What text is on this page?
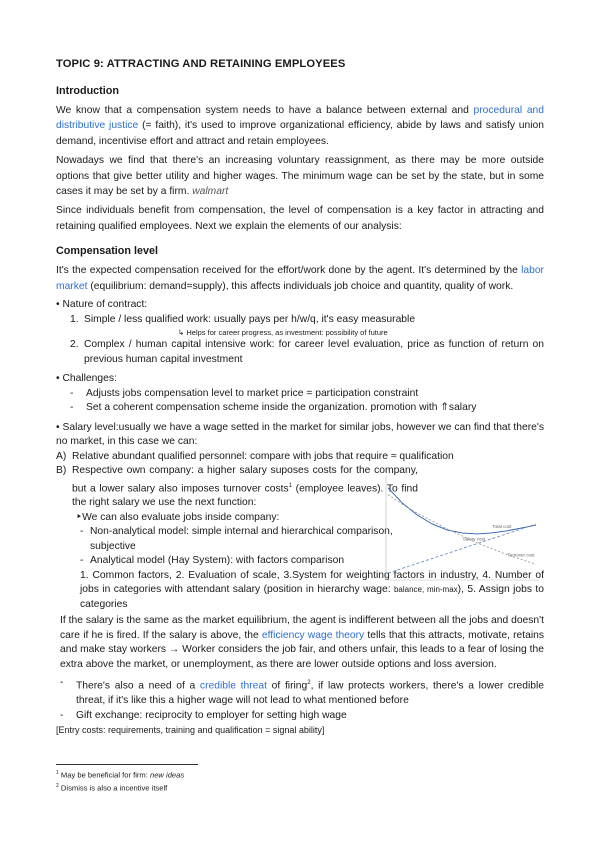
TOPIC 9: ATTRACTING AND RETAINING EMPLOYEES
Introduction

We know that a compensation system needs to have a balance between external and procedural and distributive justice (= faith), it's used to improve organizational efficiency, abide by laws and satisfy union demand, incentivise effort and attract and retain employees.

Nowadays we find that there's an increasing voluntary reassignment, as there may be more outside options that give better utility and higher wages. The minimum wage can be set by the state, but in some cases it may be set by a firm. walmart

Since individuals benefit from compensation, the level of compensation is a key factor in attracting and retaining qualified employees. Next we explain the elements of our analysis:

Compensation level

It's the expected compensation received for the effort/work done by the agent. It's determined by the labor market (equilibrium: demand=supply), this affects individuals job choice and quantity, quality of work.

• Nature of contract:
1. Simple / less qualified work: usually pays per h/w/q, it's easy measurable
↳ Helps for career progress, as investment: possibility of future
2. Complex / human capital intensive work: for career level evaluation, price as function of return on previous human capital investment
• Challenges:
-	Adjusts jobs compensation level to market price = participation constraint
-	Set a coherent compensation scheme inside the organization. promotion with ⇑salary

• Salary level:usually we have a wage setted in the market for similar jobs, however we can find that there's no market, in this case we can:

A) Relative abundant qualified personnel: compare with jobs that require ≈ qualification
B) Respective own company: a higher salary suposes costs for the company, but a lower salary also imposes turnover costs$^1$ (employee leaves). To find the right salary we use the next function:
‣We can also evaluate jobs inside company:
- Non-analytical model: simple internal and hierarchical comparison, subjective
- Analytical model (Hay System): with factors comparison

1. Common factors, 2. Evaluation of scale, 3.System for weighting factors in industry, 4. Number of jobs in categories with attendant salary (position in hierarchy wage: balance, min-max), 5. Assign jobs to categories

If the salary is the same as the market equilibrium, the agent is indifferent between all the jobs and doesn't care if he is fired. If the salary is above, the efficiency wage theory tells that this attracts, motivate, retains and make stay workers → Worker considers the job fair, and others unfair, this leads to a fear of losing the extra above the market, or unemployment, as there are lower outside options and loss aversion.

-	There's also a need of a credible threat of firing$^2$, if law protects workers, there's a lower credible threat, if it's like this a higher wage will not lead to what mentioned before
-	Gift exchange: reciprocity to employer for setting high wage
[Entry costs: requirements, training and qualification = signal ability]
Total cost
Salary cost
Turnover cost
$^1$ May be beneficial for firm: new ideas
$^2$ Dismiss is also a incentive itself
